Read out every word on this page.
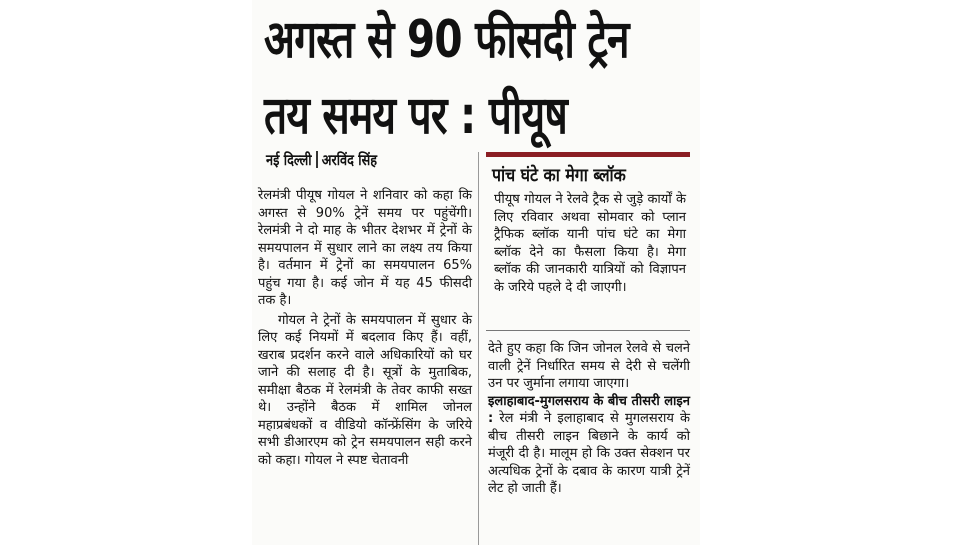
अगस्त से 90 फीसदी ट्रेन
तय समय पर : पीयूष
नई दिल्ली अरविंद सिंह

रेलमंत्री पीयूष गोयल ने शनिवार को कहा कि अगस्त से 90% ट्रेनें समय पर पहुंचेंगी। रेलमंत्री ने दो माह के भीतर देशभर में ट्रेनों के समयपालन में सुधार लाने का लक्ष्य तय किया है। वर्तमान में ट्रेनों का समयपालन 65% पहुंच गया है। कई जोन में यह 45 फीसदी तक है।

गोयल ने ट्रेनों के समयपालन में सुधार के लिए कई नियमों में बदलाव किए हैं। वहीं, खराब प्रदर्शन करने वाले अधिकारियों को घर जाने की सलाह दी है। सूत्रों के मुताबिक, समीक्षा बैठक में रेलमंत्री के तेवर काफी सख्त थे। उन्होंने बैठक में शामिल जोनल महाप्रबंधकों व वीडियो कॉन्फ्रेंसिंग के जरिये सभी डीआरएम को ट्रेन समयपालन सही करने को कहा। गोयल ने स्पष्ट चेतावनी

पांच घंटे का मेगा ब्लॉक
पीयूष गोयल ने रेलवे ट्रैक से जुड़े कार्यों के लिए रविवार अथवा सोमवार को प्लान ट्रैफिक ब्लॉक यानी पांच घंटे का मेगा ब्लॉक देने का फैसला किया है। मेगा ब्लॉक की जानकारी यात्रियों को विज्ञापन के जरिये पहले दे दी जाएगी।

देते हुए कहा कि जिन जोनल रेलवे से चलने वाली ट्रेनें निर्धारित समय से देरी से चलेंगी उन पर जुर्माना लगाया जाएगा।

इलाहाबाद-मुगलसराय के बीच तीसरी लाइन : रेल मंत्री ने इलाहाबाद से मुगलसराय के बीच तीसरी लाइन बिछाने के कार्य को मंजूरी दी है। मालूम हो कि उक्त सेक्शन पर अत्यधिक ट्रेनों के दबाव के कारण यात्री ट्रेनें लेट हो जाती हैं।
